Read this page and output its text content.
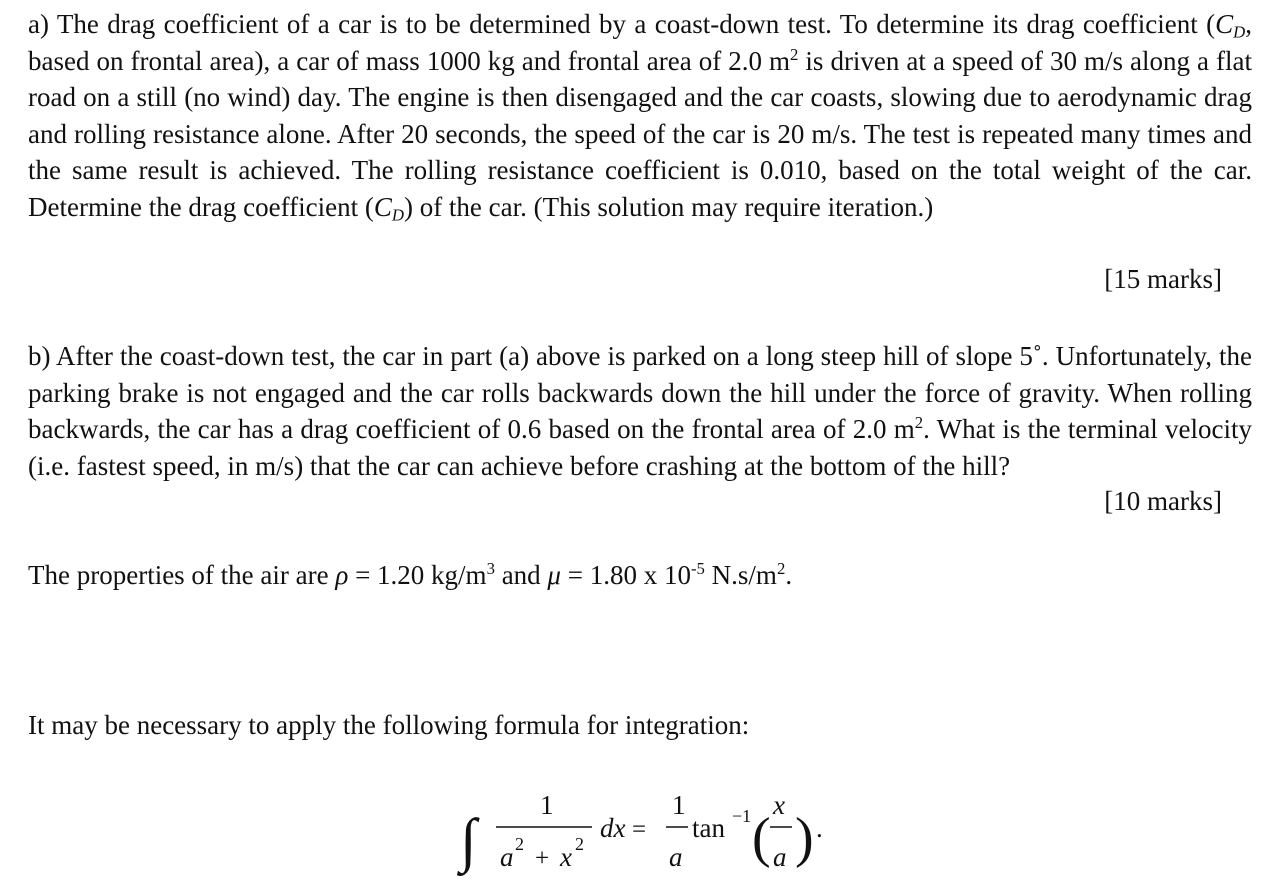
a) The drag coefficient of a car is to be determined by a coast-down test. To determine its drag coefficient ($C_D$, based on frontal area), a car of mass 1000 kg and frontal area of 2.0 $m^2$ is driven at a speed of 30 m/s along a flat road on a still (no wind) day. The engine is then disengaged and the car coasts, slowing due to aerodynamic drag and rolling resistance alone. After 20 seconds, the speed of the car is 20 m/s. The test is repeated many times and the same result is achieved. The rolling resistance coefficient is 0.010, based on the total weight of the car. Determine the drag coefficient $(C_D)$ of the car. (This solution may require iteration.)
[15 marks]
b) After the coast-down test, the car in part (a) above is parked on a long steep hill of slope 5˚. Unfortunately, the parking brake is not engaged and the car rolls backwards down the hill under the force of gravity. When rolling backwards, the car has a drag coefficient of 0.6 based on the frontal area of 2.0 $m^2$. What is the terminal velocity (i.e. fastest speed, in m/s) that the car can achieve before crashing at the bottom of the hill?
[10 marks]
The properties of the air are ρ = 1.20 $kg/m^3$ and μ = 1.80 x $10^{-5}$ $N.s/m^2$.
It may be necessary to apply the following formula for integration:
∫
1
a 2
+ x 2
dx =
1
a
tan −1 (
x
a ) .
